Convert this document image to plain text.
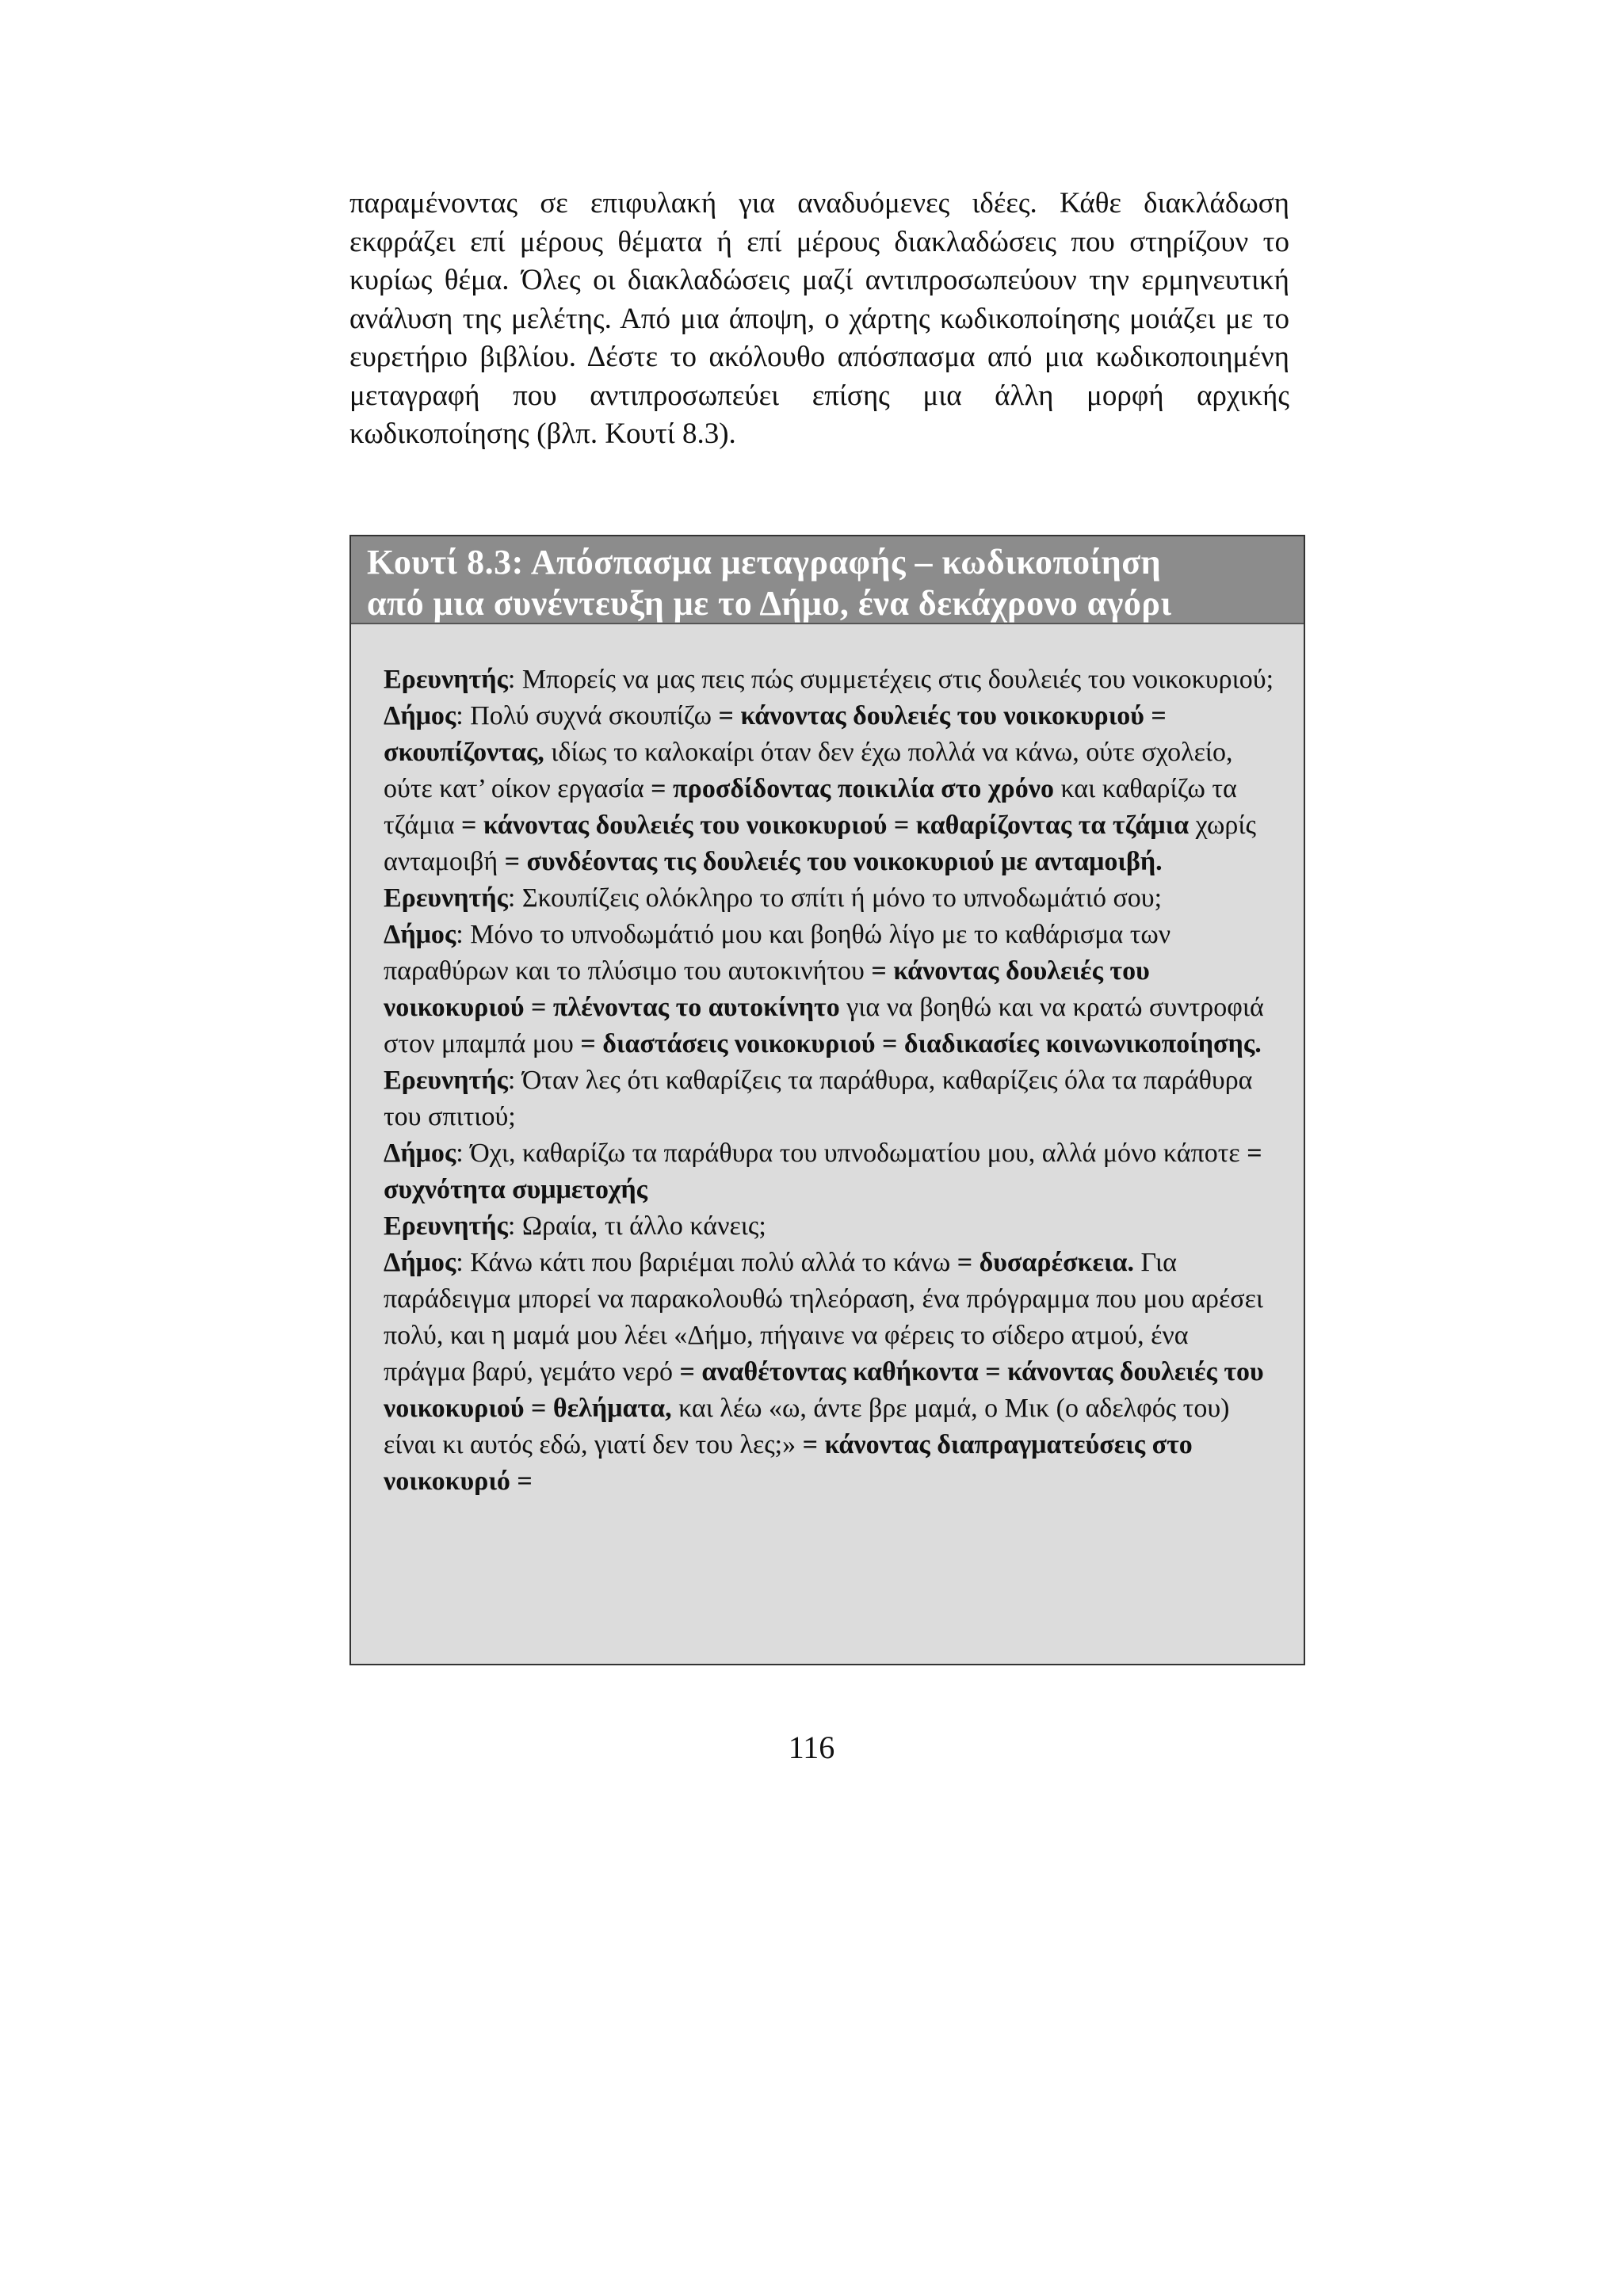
παραμένοντας σε επιφυλακή για αναδυόμενες ιδέες. Κάθε διακλάδωση εκφράζει επί μέρους θέματα ή επί μέρους διακλαδώσεις που στηρίζουν το κυρίως θέμα. Όλες οι διακλαδώσεις μαζί αντιπροσωπεύουν την ερμηνευτική ανάλυση της μελέτης. Από μια άποψη, ο χάρτης κωδικοποίησης μοιάζει με το ευρετήριο βιβλίου. Δέστε το ακόλουθο απόσπασμα από μια κωδικοποιημένη μεταγραφή που αντιπροσωπεύει επίσης μια άλλη μορφή αρχικής κωδικοποίησης (βλπ. Κουτί 8.3).

Κουτί 8.3: Απόσπασμα μεταγραφής – κωδικοποίηση
από μια συνέντευξη με το Δήμο, ένα δεκάχρονο αγόρι

Ερευνητής: Μπορείς να μας πεις πώς συμμετέχεις στις δουλειές του νοικοκυριού;

Δήμος: Πολύ συχνά σκουπίζω = κάνοντας δουλειές του νοικοκυριού = σκουπίζοντας, ιδίως το καλοκαίρι όταν δεν έχω πολλά να κάνω, ούτε σχολείο, ούτε κατ’ οίκον εργασία = προσδίδοντας ποικιλία στο χρόνο και καθαρίζω τα τζάμια = κάνοντας δουλειές του νοικοκυριού = καθαρίζοντας τα τζάμια χωρίς ανταμοιβή = συνδέοντας τις δουλειές του νοικοκυριού με ανταμοιβή.

Ερευνητής: Σκουπίζεις ολόκληρο το σπίτι ή μόνο το υπνοδωμάτιό σου;

Δήμος: Μόνο το υπνοδωμάτιό μου και βοηθώ λίγο με το καθάρισμα των παραθύρων και το πλύσιμο του αυτοκινήτου = κάνοντας δουλειές του νοικοκυριού = πλένοντας το αυτοκίνητο για να βοηθώ και να κρατώ συντροφιά στον μπαμπά μου = διαστάσεις νοικοκυριού = διαδικασίες κοινωνικοποίησης.

Ερευνητής: Όταν λες ότι καθαρίζεις τα παράθυρα, καθαρίζεις όλα τα παράθυρα του σπιτιού;

Δήμος: Όχι, καθαρίζω τα παράθυρα του υπνοδωματίου μου, αλλά μόνο κάποτε = συχνότητα συμμετοχής

Ερευνητής: Ωραία, τι άλλο κάνεις;

Δήμος: Κάνω κάτι που βαριέμαι πολύ αλλά το κάνω = δυσαρέσκεια. Για παράδειγμα μπορεί να παρακολουθώ τηλεόραση, ένα πρόγραμμα που μου αρέσει πολύ, και η μαμά μου λέει «Δήμο, πήγαινε να φέρεις το σίδερο ατμού, ένα πράγμα βαρύ, γεμάτο νερό = αναθέτοντας καθήκοντα = κάνοντας δουλειές του νοικοκυριού = θελήματα, και λέω «ω, άντε βρε μαμά, ο Μικ (ο αδελφός του) είναι κι αυτός εδώ, γιατί δεν του λες;» = κάνοντας διαπραγματεύσεις στο νοικοκυριό =

116
